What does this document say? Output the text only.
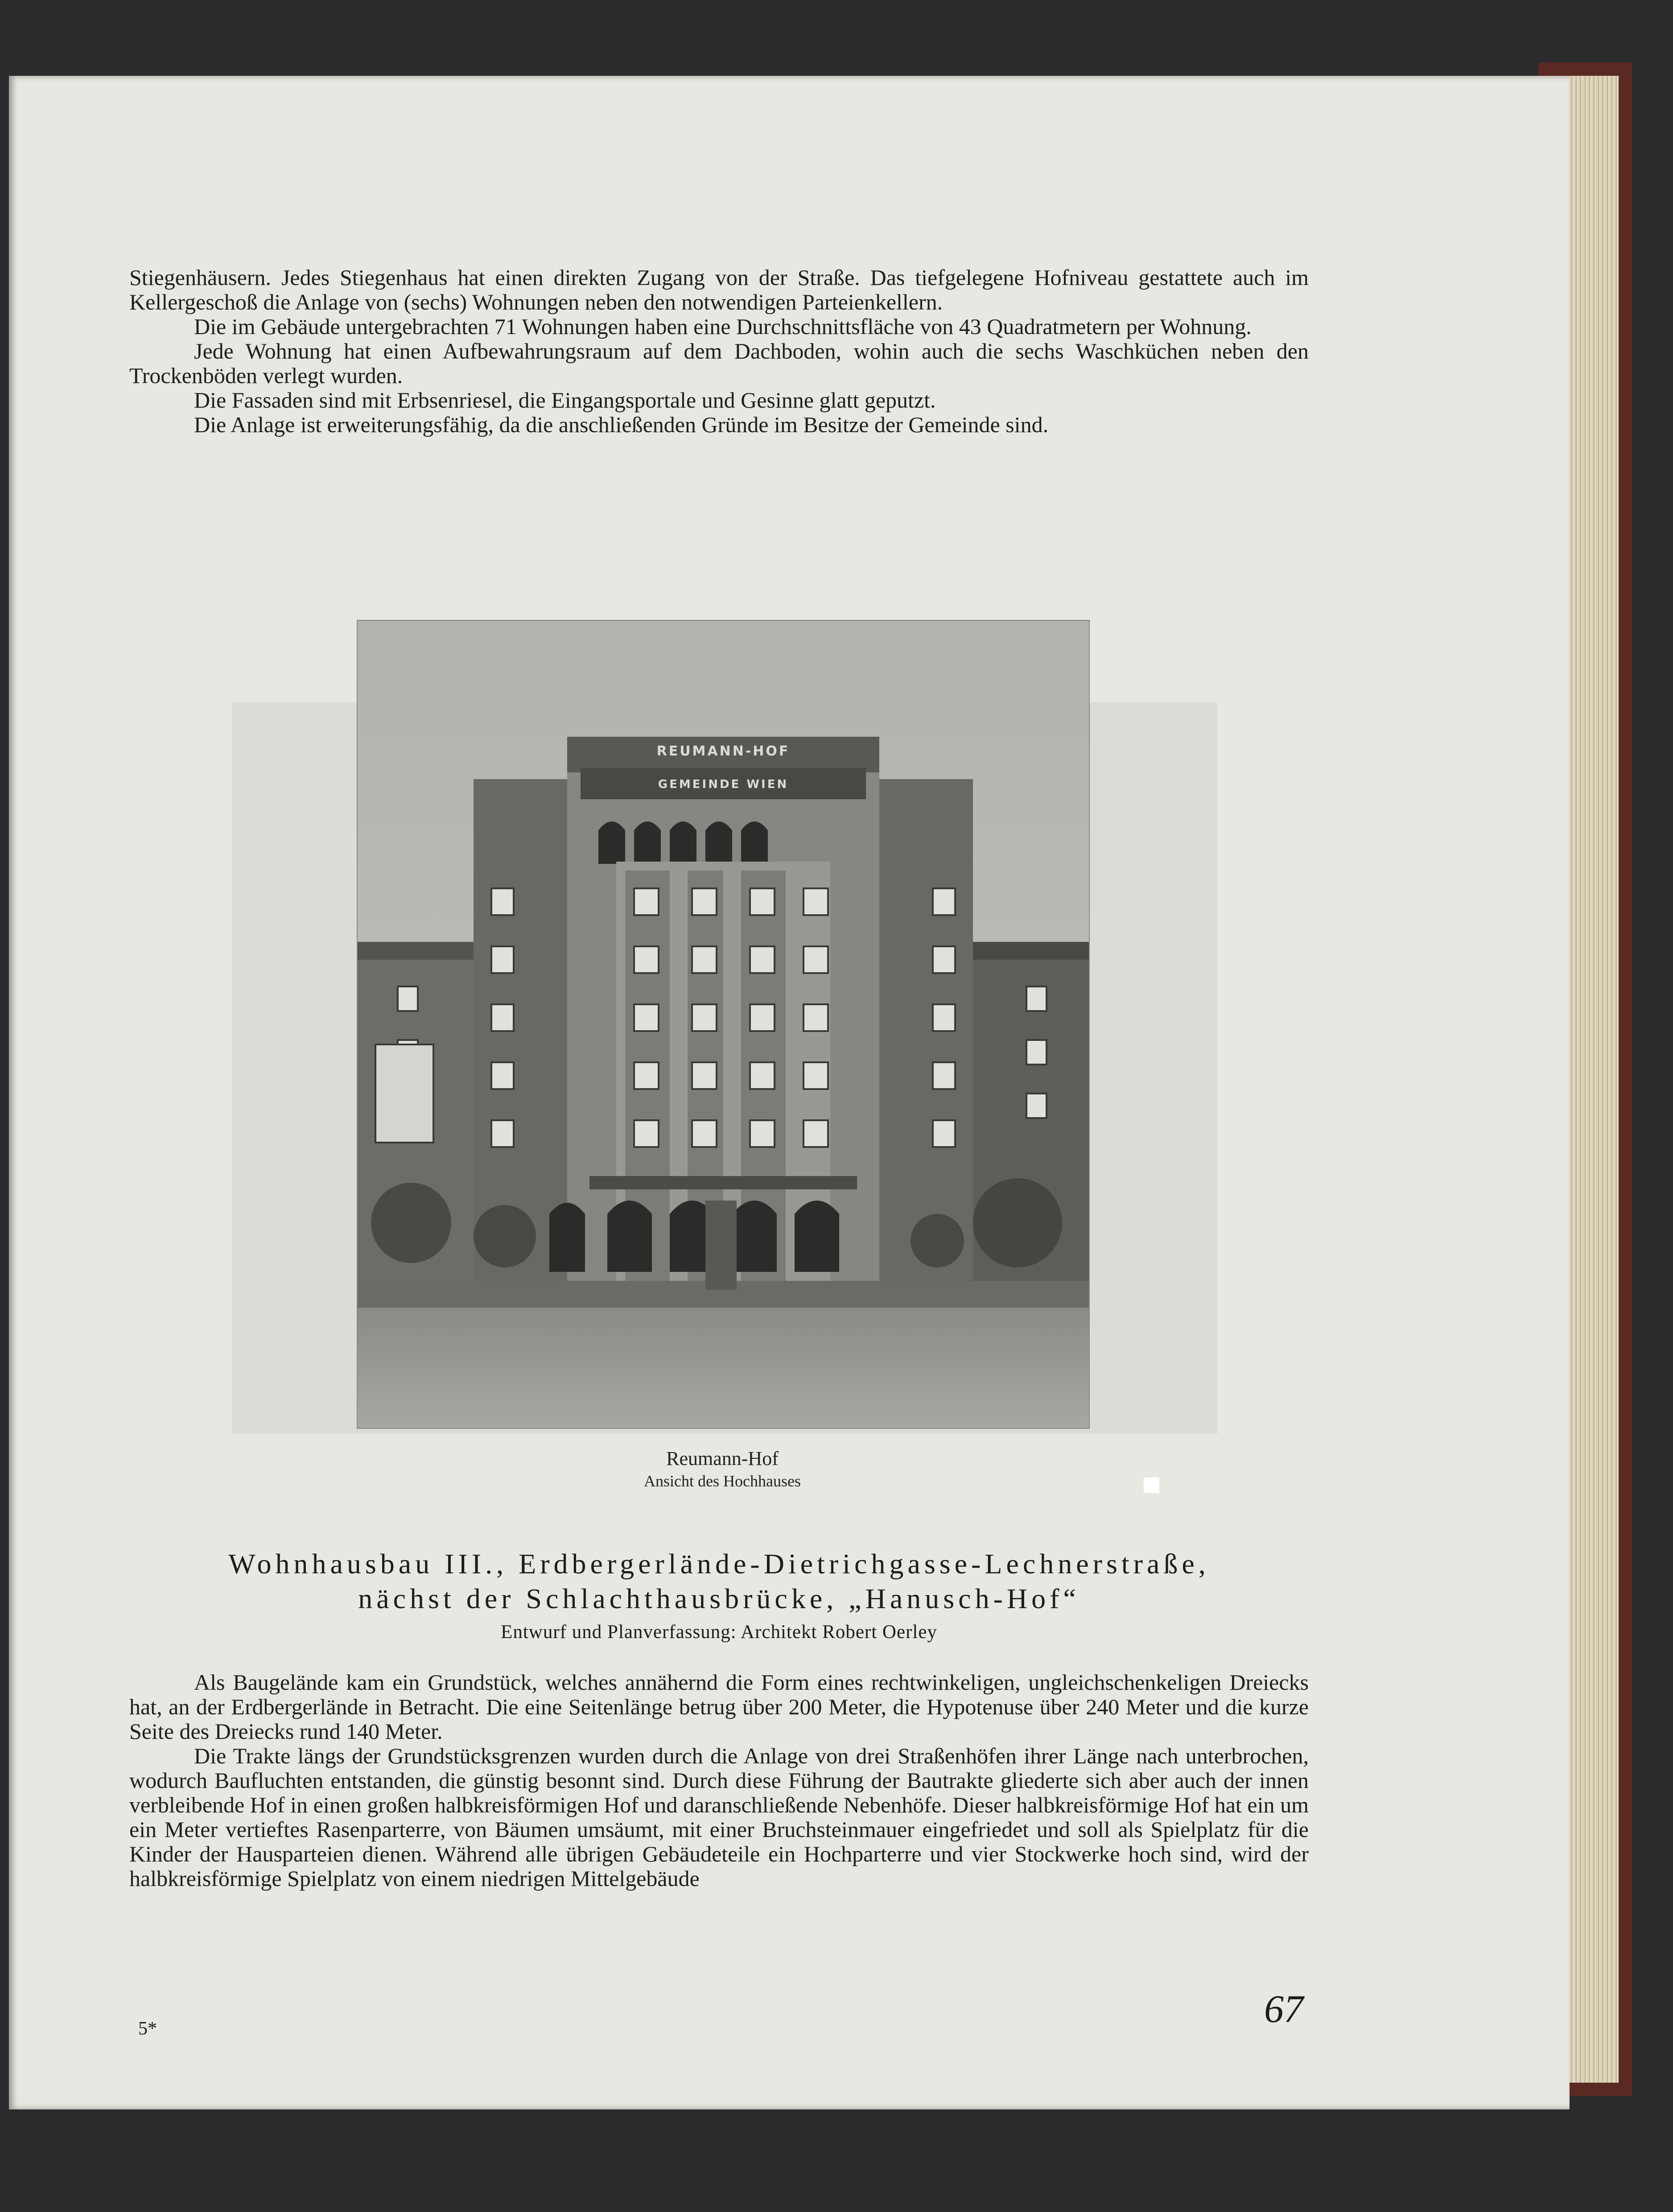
Stiegenhäusern. Jedes Stiegenhaus hat einen direkten Zugang von der Straße. Das tiefgelegene Hofniveau gestattete auch im Kellergeschoß die Anlage von (sechs) Wohnungen neben den notwendigen Parteienkellern.

Die im Gebäude untergebrachten 71 Wohnungen haben eine Durchschnittsfläche von 43 Quadratmetern per Wohnung.

Jede Wohnung hat einen Aufbewahrungsraum auf dem Dachboden, wohin auch die sechs Waschküchen neben den Trockenböden verlegt wurden.

Die Fassaden sind mit Erbsenriesel, die Eingangsportale und Gesinne glatt geputzt.

Die Anlage ist erweiterungsfähig, da die anschließenden Gründe im Besitze der Gemeinde sind.

REUMANN-HOF
GEMEINDE WIEN
Reumann-Hof
Ansicht des Hochhauses
Wohnhausbau III., Erdbergerlände-Dietrichgasse-Lechnerstraße,
nächst der Schlachthausbrücke, „Hanusch-Hof“
Entwurf und Planverfassung: Architekt Robert Oerley

Als Baugelände kam ein Grundstück, welches annähernd die Form eines rechtwinkeligen, ungleichschenkeligen Dreiecks hat, an der Erdbergerlände in Betracht. Die eine Seitenlänge betrug über 200 Meter, die Hypotenuse über 240 Meter und die kurze Seite des Dreiecks rund 140 Meter.

Die Trakte längs der Grundstücksgrenzen wurden durch die Anlage von drei Straßenhöfen ihrer Länge nach unterbrochen, wodurch Baufluchten entstanden, die günstig besonnt sind. Durch diese Führung der Bautrakte gliederte sich aber auch der innen verbleibende Hof in einen großen halbkreisförmigen Hof und daranschließende Nebenhöfe. Dieser halbkreisförmige Hof hat ein um ein Meter vertieftes Rasenparterre, von Bäumen umsäumt, mit einer Bruchsteinmauer eingefriedet und soll als Spielplatz für die Kinder der Hausparteien dienen. Während alle übrigen Gebäudeteile ein Hochparterre und vier Stockwerke hoch sind, wird der halbkreisförmige Spielplatz von einem niedrigen Mittelgebäude

5*	67
